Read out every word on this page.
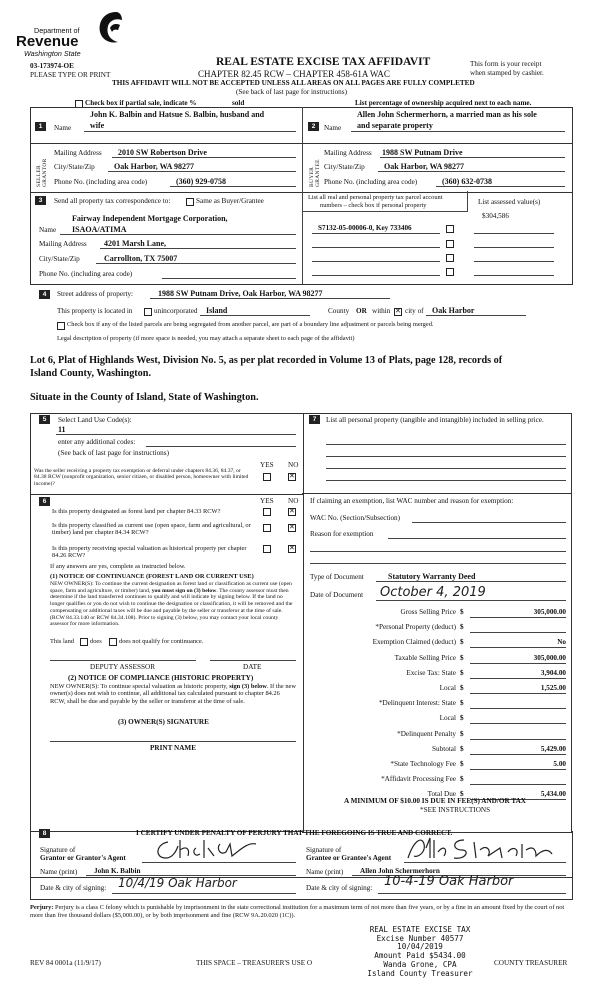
Department of
Revenue
Washington State
03-173974-OE
PLEASE TYPE OR PRINT
REAL ESTATE EXCISE TAX AFFIDAVIT
CHAPTER 82.45 RCW – CHAPTER 458-61A WAC
THIS AFFIDAVIT WILL NOT BE ACCEPTED UNLESS ALL AREAS ON ALL PAGES ARE FULLY COMPLETED
(See back of last page for instructions)
This form is your receipt
when stamped by cashier.
Check box if partial sale, indicate %	sold	List percentage of ownership acquired next to each name.
1
SELLER GRANTOR
Name
John K. Balbin and Hatsue S. Balbin, husband and
wife
Mailing Address 2010 SW Robertson Drive
City/State/Zip Oak Harbor, WA 98277
Phone No. (including area code)	(360) 929-0758
2
BUYER GRANTEE
Name
Allen John Schermerhorn, a married man as his sole
and separate property
Mailing Address 1988 SW Putnam Drive
City/State/Zip Oak Harbor, WA 98277
Phone No. (including area code)	(360) 632-0738
3	Send all property tax correspondence to:	Same as Buyer/Grantee
Fairway Independent Mortgage Corporation,
Name ISAOA/ATIMA
Mailing Address 4201 Marsh Lane,
City/State/Zip	Carrollton, TX 75007
Phone No. (including area code)
List all real and personal property tax parcel account
numbers – check box if personal property	List assessed value(s)
$304,586
S7132-05-00006-0, Key 733406
4	Street address of property:	1988 SW Putnam Drive, Oak Harbor, WA 98277
This property is located in	unincorporated Island	County OR within ✕ city of Oak Harbor
Check box if any of the listed parcels are being segregated from another parcel, are part of a boundary line adjustment or parcels being merged.
Legal description of property (if more space is needed, you may attach a separate sheet to each page of the affidavit)
Lot 6, Plat of Highlands West, Division No. 5, as per plat recorded in Volume 13 of Plats, page 128, records of
Island County, Washington.
Situate in the County of Island, State of Washington.
5	Select Land Use Code(s):
11
enter any additional codes:
(See back of last page for instructions)
YES NO
Was the seller receiving a property tax exemption or deferral under chapters 84.36, 84.37, or 84.38 RCW (nonprofit organization, senior citizen, or disabled person, homeowner with limited income)?
✕
6	YES NO
Is this property designated as forest land per chapter 84.33 RCW?
✕
Is this property classified as current use (open space, farm and agricultural, or timber) land per chapter 84.34 RCW?
✕
Is this property receiving special valuation as historical property per chapter 84.26 RCW?
✕
If any answers are yes, complete as instructed below.
(1) NOTICE OF CONTINUANCE (FOREST LAND OR CURRENT USE)
NEW OWNER(S): To continue the current designation as forest land or classification as current use (open space, farm and agriculture, or timber) land, you must sign on (3) below. The county assessor must then determine if the land transferred continues to qualify and will indicate by signing below. If the land no longer qualifies or you do not wish to continue the designation or classification, it will be removed and the compensating or additional taxes will be due and payable by the seller or transferor at the time of sale. (RCW 84.33.140 or RCW 84.34.108). Prior to signing (3) below, you may contact your local county assessor for more information.
This land	does	does not qualify for continuance.
DEPUTY ASSESSOR	DATE
(2) NOTICE OF COMPLIANCE (HISTORIC PROPERTY)
NEW OWNER(S): To continue special valuation as historic property, sign (3) below. If the new owner(s) does not wish to continue, all additional tax calculated pursuant to chapter 84.26 RCW, shall be due and payable by the seller or transferor at the time of sale.
(3) OWNER(S) SIGNATURE
PRINT NAME
7	List all personal property (tangible and intangible) included in selling price.
If claiming an exemption, list WAC number and reason for exemption:
WAC No. (Section/Subsection)
Reason for exemption
Type of Document	Statutory Warranty Deed
Date of Document October 4, 2019
Gross Selling Price $	305,000.00
*Personal Property (deduct) $
Exemption Claimed (deduct) $	No
Taxable Selling Price $	305,000.00
Excise Tax: State $	3,904.00
Local $	1,525.00
*Delinquent Interest: State $
Local $
*Delinquent Penalty $
Subtotal $	5,429.00
*State Technology Fee $	5.00
*Affidavit Processing Fee $
Total Due $	5,434.00
A MINIMUM OF $10.00 IS DUE IN FEE(S) AND/OR TAX
*SEE INSTRUCTIONS
8	I CERTIFY UNDER PENALTY OF PERJURY THAT THE FOREGOING IS TRUE AND CORRECT.
Signature of
Grantor or Grantor's Agent
Name (print) John K. Balbin
Signature of
Grantee or Grantee's Agent
Name (print) Allen John Schermerhorn
Date & city of signing: 10/4/19 Oak Harbor	Date & city of signing: 10-4-19 Oak Harbor
Perjury: Perjury is a class C felony which is punishable by imprisonment in the state correctional institution for a maximum term of not more than five years, or by a fine in an amount fixed by the court of not more than five thousand dollars ($5,000.00), or by both imprisonment and fine (RCW 9A.20.020 (1C)).
REAL ESTATE EXCISE TAX
Excise Number 40577
10/04/2019
Amount Paid $5434.00
Wanda Grone, CPA
Island County Treasurer
REV 84 0001a (11/9/17)	THIS SPACE – TREASURER'S USE O	COUNTY TREASURER
